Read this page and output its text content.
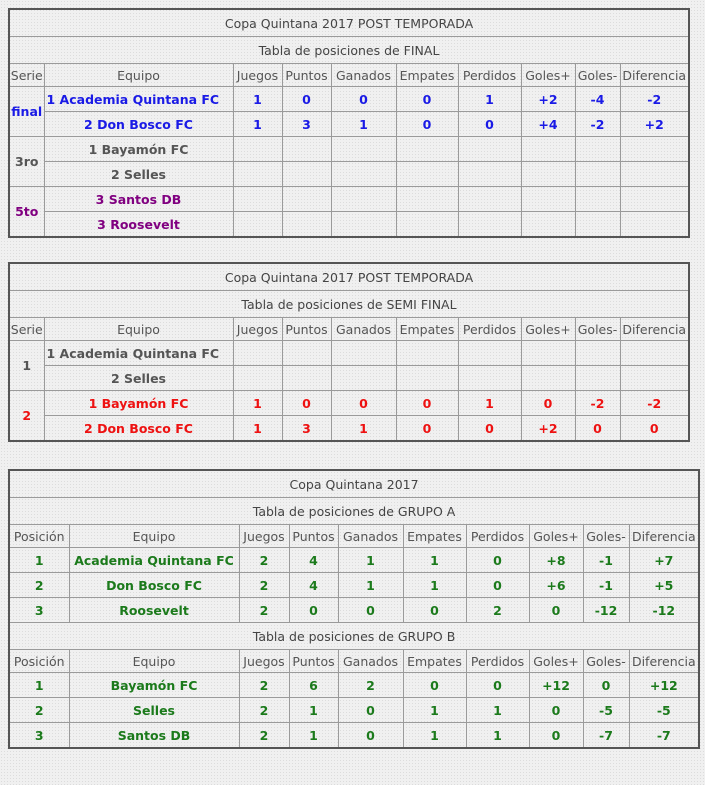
Copa Quintana 2017 POST TEMPORADA									
Tabla de posiciones de FINAL									
Serie	Equipo	Juegos	Puntos	Ganados	Empates	Perdidos	Goles+	Goles-	Diferencia
final	1 Academia Quintana FC	1	0	0	0	1	+2	-4	-2
	2 Don Bosco FC	1	3	1	0	0	+4	-2	+2
3ro	1 Bayamón FC								
	2 Selles								
5to	3 Santos DB								
	3 Roosevelt								
Copa Quintana 2017 POST TEMPORADA									
Tabla de posiciones de SEMI FINAL									
Serie	Equipo	Juegos	Puntos	Ganados	Empates	Perdidos	Goles+	Goles-	Diferencia
1	1 Academia Quintana FC								
	2 Selles								
2	1 Bayamón FC	1	0	0	0	1	0	-2	-2
	2 Don Bosco FC	1	3	1	0	0	+2	0	0
Copa Quintana 2017									
Tabla de posiciones de GRUPO A									
Posición	Equipo	Juegos	Puntos	Ganados	Empates	Perdidos	Goles+	Goles-	Diferencia
1	Academia Quintana FC	2	4	1	1	0	+8	-1	+7
2	Don Bosco FC	2	4	1	1	0	+6	-1	+5
3	Roosevelt	2	0	0	0	2	0	-12	-12
Tabla de posiciones de GRUPO B									
Posición	Equipo	Juegos	Puntos	Ganados	Empates	Perdidos	Goles+	Goles-	Diferencia
1	Bayamón FC	2	6	2	0	0	+12	0	+12
2	Selles	2	1	0	1	1	0	-5	-5
3	Santos DB	2	1	0	1	1	0	-7	-7
